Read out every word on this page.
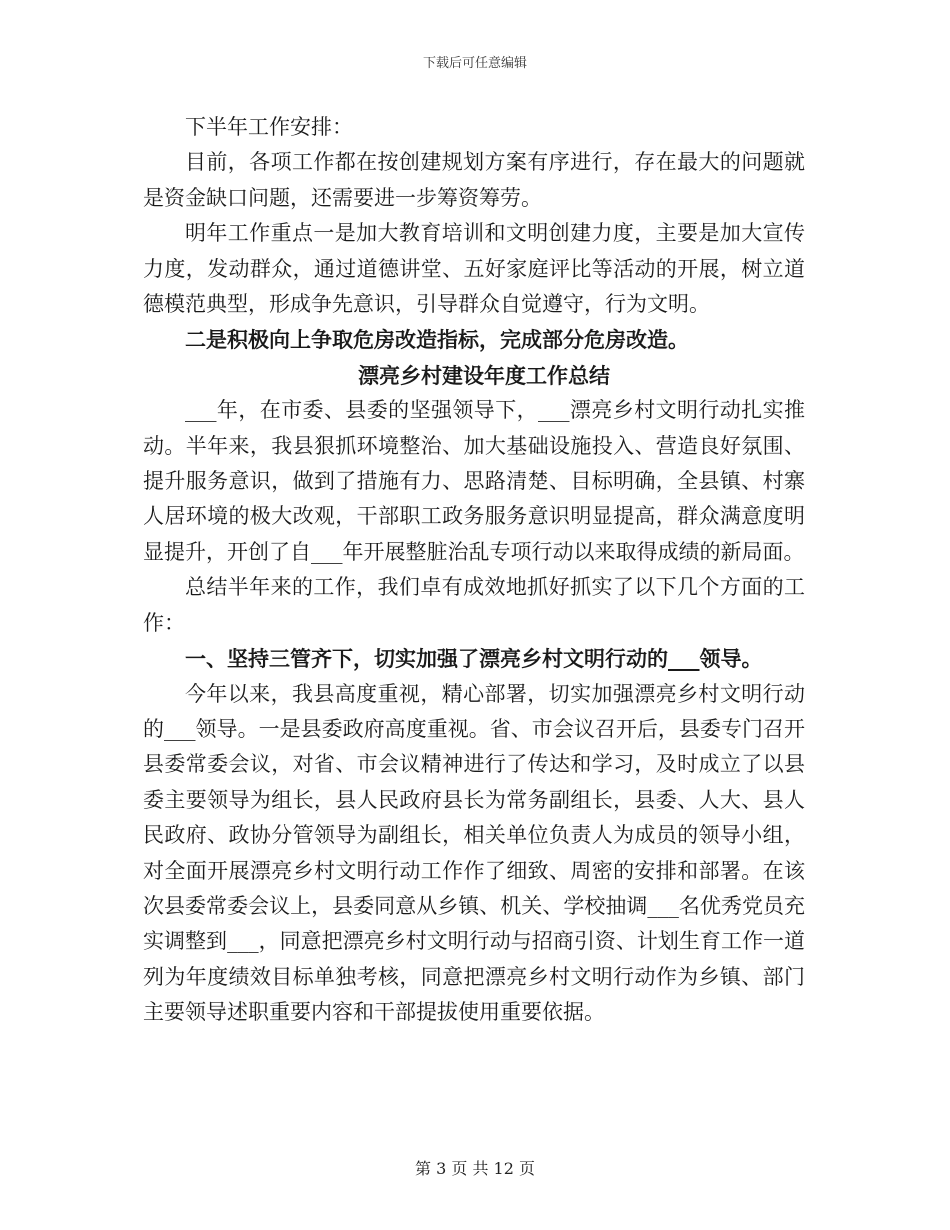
下载后可任意编辑

下半年工作安排：

目前，各项工作都在按创建规划方案有序进行，存在最大的问题就是资金缺口问题，还需要进一步筹资筹劳。

明年工作重点一是加大教育培训和文明创建力度，主要是加大宣传力度，发动群众，通过道德讲堂、五好家庭评比等活动的开展，树立道德模范典型，形成争先意识，引导群众自觉遵守，行为文明。

二是积极向上争取危房改造指标，完成部分危房改造。

漂亮乡村建设年度工作总结

___年，在市委、县委的坚强领导下，___漂亮乡村文明行动扎实推动。半年来，我县狠抓环境整治、加大基础设施投入、营造良好氛围、提升服务意识，做到了措施有力、思路清楚、目标明确，全县镇、村寨人居环境的极大改观，干部职工政务服务意识明显提高，群众满意度明显提升，开创了自___年开展整脏治乱专项行动以来取得成绩的新局面。

总结半年来的工作，我们卓有成效地抓好抓实了以下几个方面的工作：

一、坚持三管齐下，切实加强了漂亮乡村文明行动的___领导。

今年以来，我县高度重视，精心部署，切实加强漂亮乡村文明行动的___领导。一是县委政府高度重视。省、市会议召开后，县委专门召开县委常委会议，对省、市会议精神进行了传达和学习，及时成立了以县委主要领导为组长，县人民政府县长为常务副组长，县委、人大、县人民政府、政协分管领导为副组长，相关单位负责人为成员的领导小组，对全面开展漂亮乡村文明行动工作作了细致、周密的安排和部署。在该次县委常委会议上，县委同意从乡镇、机关、学校抽调___名优秀党员充实调整到___，同意把漂亮乡村文明行动与招商引资、计划生育工作一道列为年度绩效目标单独考核，同意把漂亮乡村文明行动作为乡镇、部门主要领导述职重要内容和干部提拔使用重要依据。

第 3 页 共 12 页
